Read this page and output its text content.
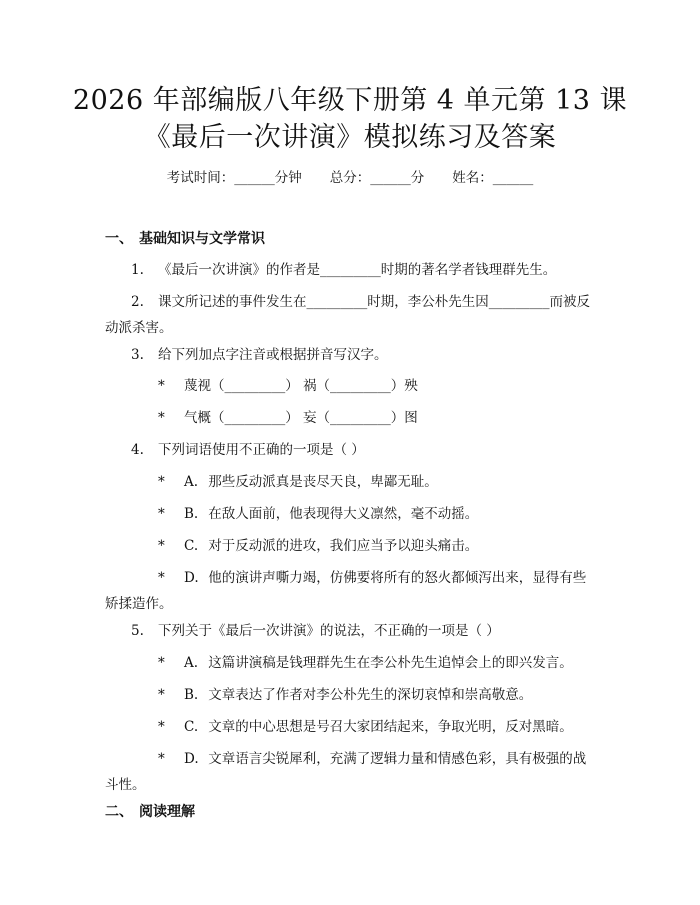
2026 年部编版八年级下册第 4 单元第 13 课
《最后一次讲演》模拟练习及答案
考试时间：______分钟 总分：______分 姓名：______
一、 基础知识与文学常识
1. 《最后一次讲演》的作者是_________时期的著名学者钱理群先生。
2. 课文所记述的事件发生在_________时期，李公朴先生因_________而被反
动派杀害。
3. 给下列加点字注音或根据拼音写汉字。
* 蔑视（_________） 祸（_________）殃
* 气概（_________） 妄（_________）图
4. 下列词语使用不正确的一项是（ ）
* A. 那些反动派真是丧尽天良，卑鄙无耻。
* B. 在敌人面前，他表现得大义凛然，毫不动摇。
* C. 对于反动派的进攻，我们应当予以迎头痛击。
* D. 他的演讲声嘶力竭，仿佛要将所有的怒火都倾泻出来，显得有些
矫揉造作。
5. 下列关于《最后一次讲演》的说法，不正确的一项是（ ）
* A. 这篇讲演稿是钱理群先生在李公朴先生追悼会上的即兴发言。
* B. 文章表达了作者对李公朴先生的深切哀悼和崇高敬意。
* C. 文章的中心思想是号召大家团结起来，争取光明，反对黑暗。
* D. 文章语言尖锐犀利，充满了逻辑力量和情感色彩，具有极强的战
斗性。
二、 阅读理解
